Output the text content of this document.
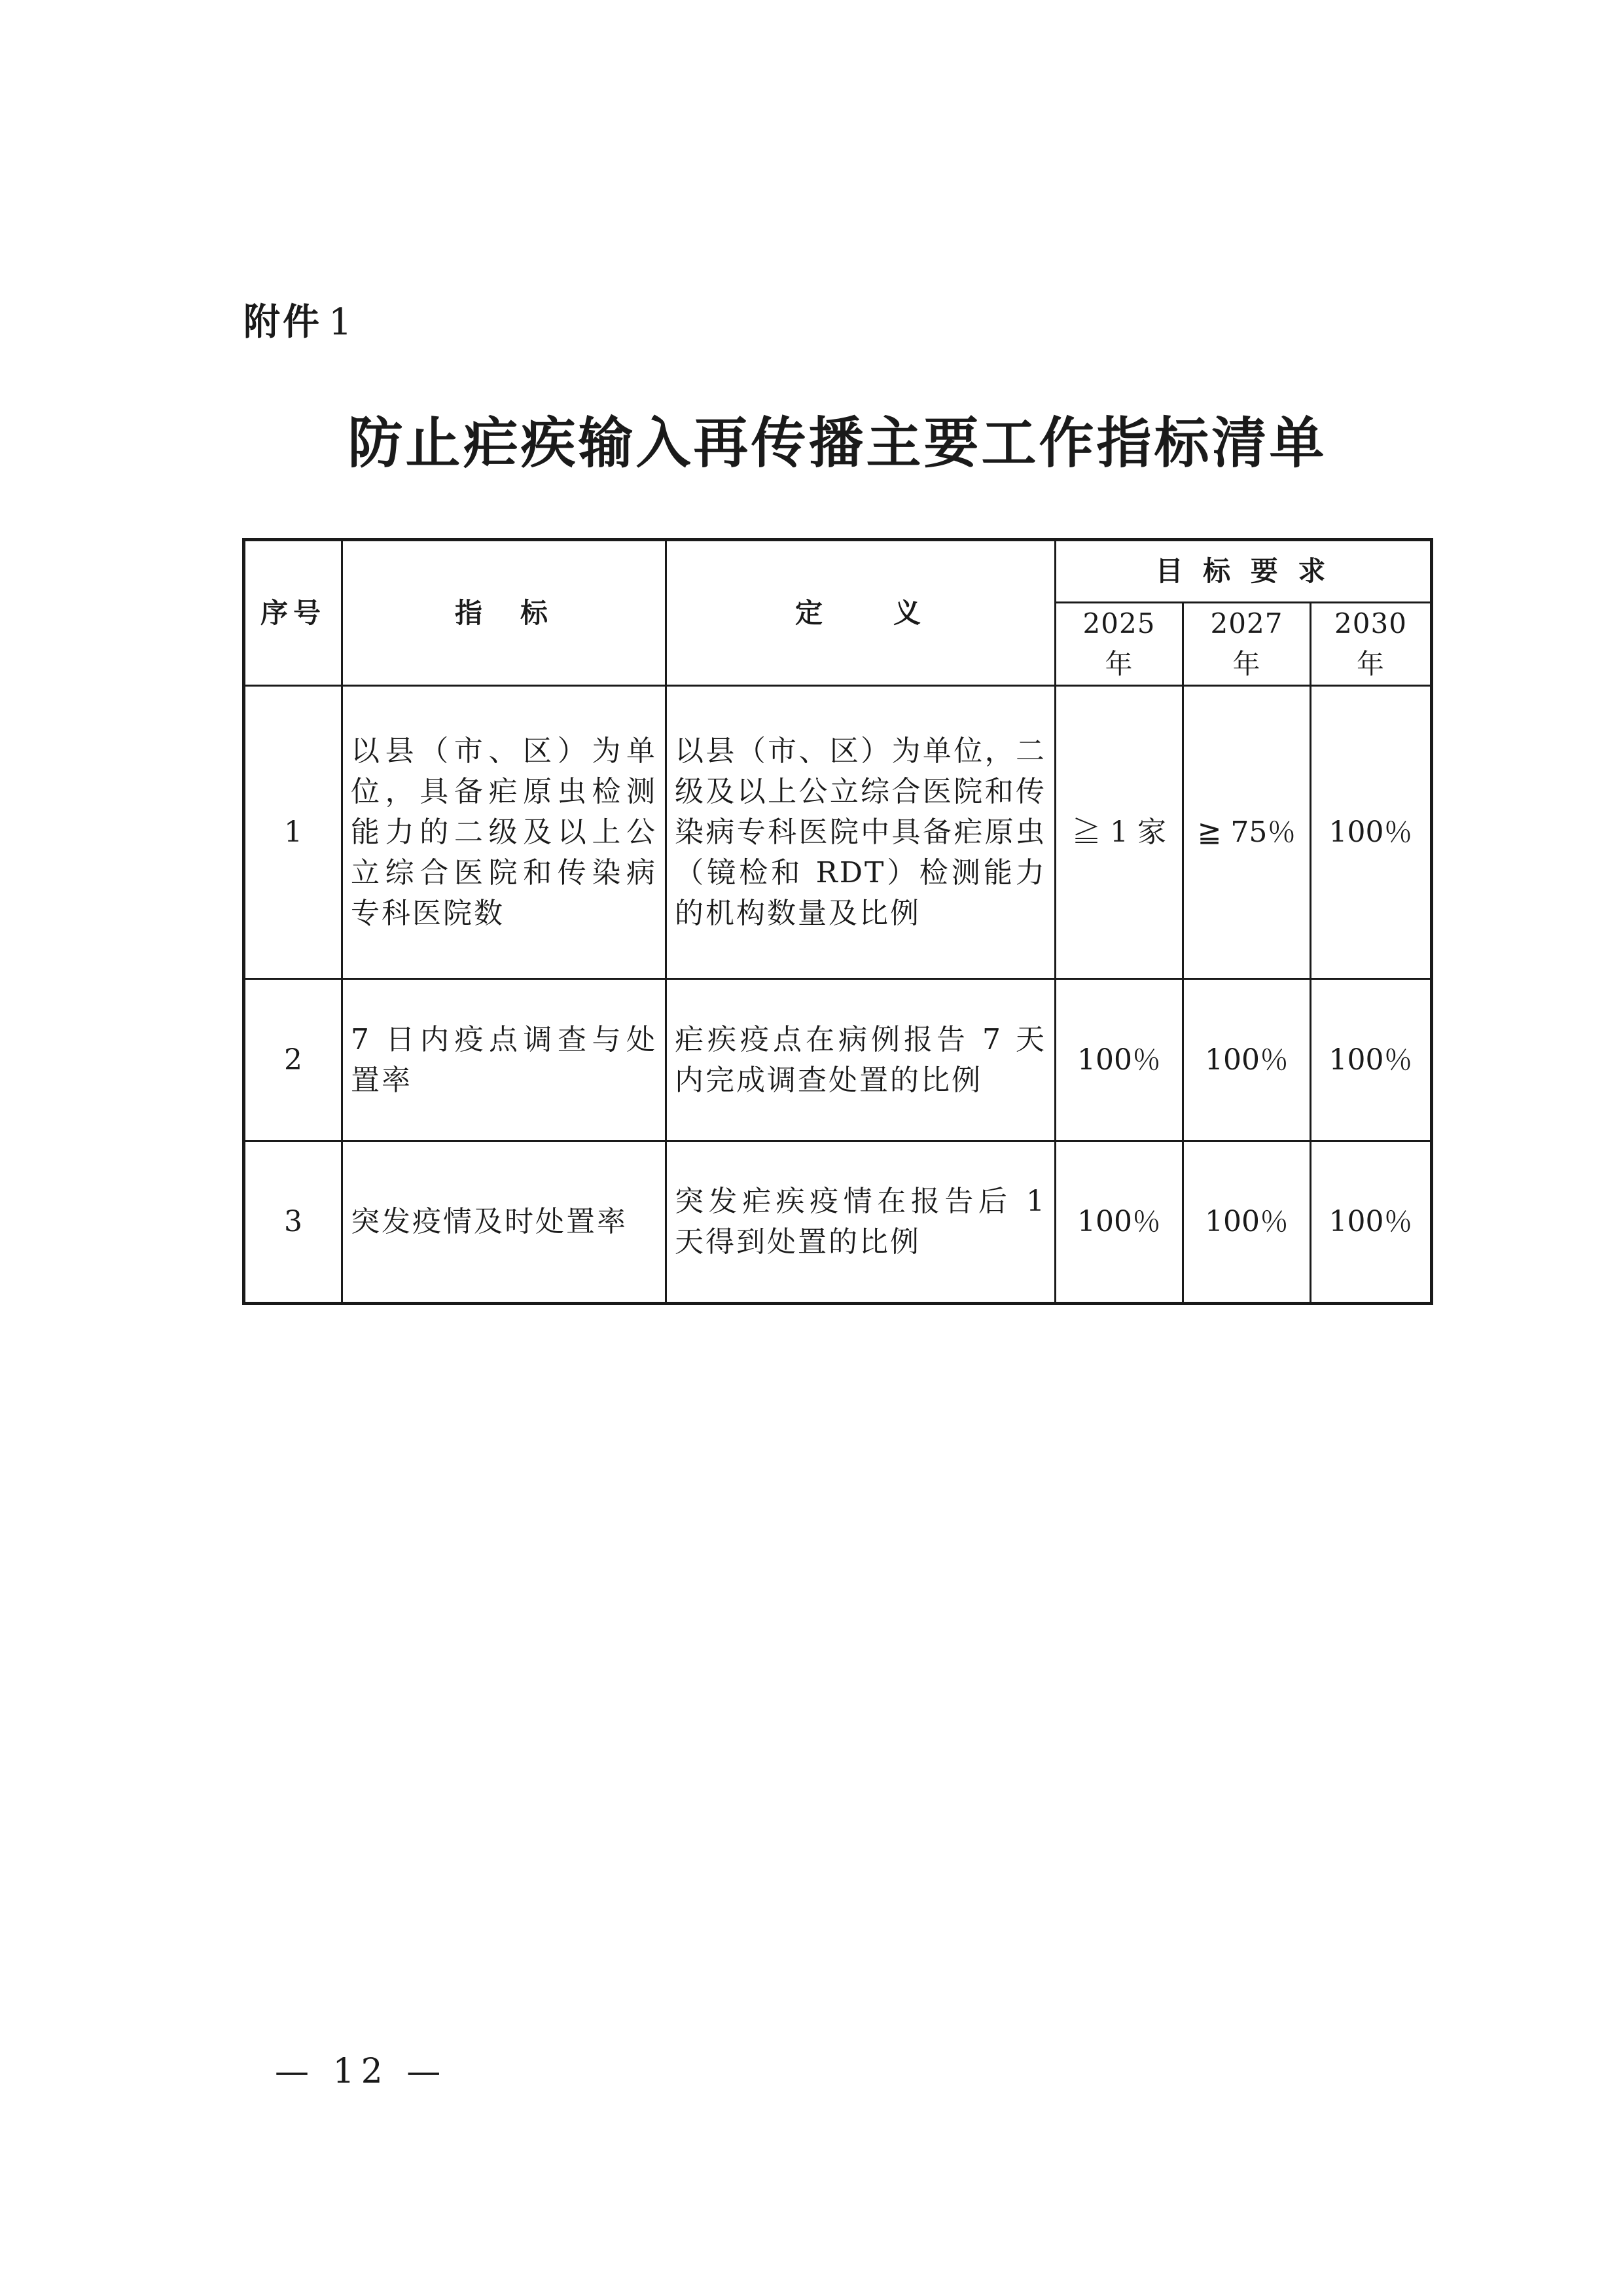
附件 1

防止疟疾输入再传播主要工作指标清单
序号	指　标	定　　义	目 标 要 求		
			2025 年	2027 年	2030 年
1	以县（市、区）为单位，具备疟原虫检测能力的二级及以上公立综合医院和传染病专科医院数	以县（市、区）为单位，二级及以上公立综合医院和传染病专科医院中具备疟原虫（镜检和 RDT）检测能力的机构数量及比例	≧ 1 家	≧ 75％	100％
2	7 日内疫点调查与处置率	疟疾疫点在病例报告 7 天内完成调查处置的比例	100％	100％	100％
3	突发疫情及时处置率	突发疟疾疫情在报告后 1 天得到处置的比例	100％	100％	100％

— 12 —
